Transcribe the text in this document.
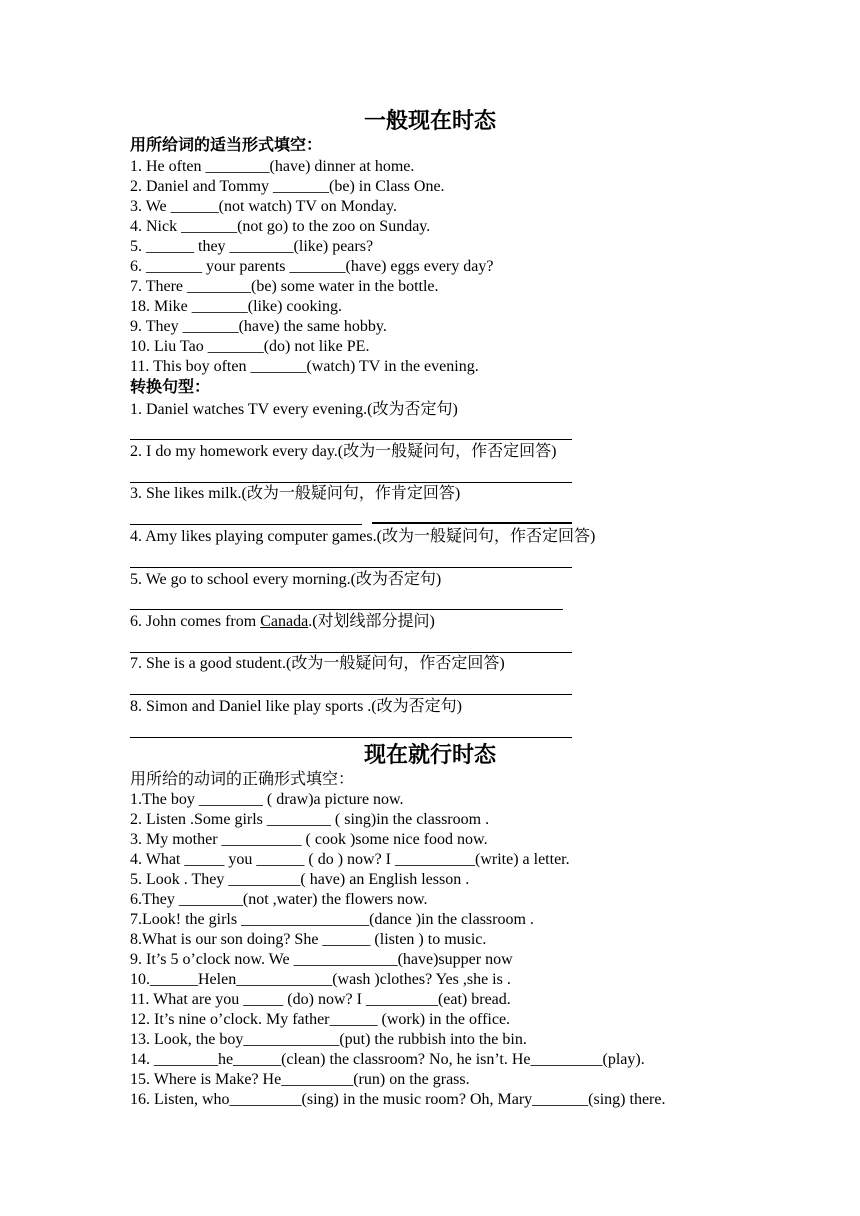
一般现在时态
用所给词的适当形式填空：
1. He often ________(have) dinner at home.
2. Daniel and Tommy _______(be) in Class One.
3. We ______(not watch) TV on Monday.
4. Nick _______(not go) to the zoo on Sunday.
5. ______ they ________(like) pears?
6. _______ your parents _______(have) eggs every day?
7. There ________(be) some water in the bottle.
18. Mike _______(like) cooking.
9. They _______(have) the same hobby.
10. Liu Tao _______(do) not like PE.
11. This boy often _______(watch) TV in the evening.
转换句型：
1. Daniel watches TV every evening.(改为否定句)
2. I do my homework every day.(改为一般疑问句，作否定回答)
3. She likes milk.(改为一般疑问句，作肯定回答)
4. Amy likes playing computer games.(改为一般疑问句，作否定回答)
5. We go to school every morning.(改为否定句)
6. John comes from Canada.(对划线部分提问)
7. She is a good student.(改为一般疑问句，作否定回答)
8. Simon and Daniel like play sports .(改为否定句)
现在就行时态
用所给的动词的正确形式填空：
1.The boy ________ ( draw)a picture now.
2. Listen .Some girls ________ ( sing)in the classroom .
3. My mother __________ ( cook )some nice food now.
4. What _____ you ______ ( do ) now? I __________(write) a letter.
5. Look . They _________( have) an English lesson .
6.They ________(not ,water) the flowers now.
7.Look! the girls ________________(dance )in the classroom .
8.What is our son doing? She ______ (listen ) to music.
9. It’s 5 o’clock now. We _____________(have)supper now
10.______Helen____________(wash )clothes? Yes ,she is .
11. What are you _____ (do) now? I _________(eat) bread.
12. It’s nine o’clock. My father______ (work) in the office.
13. Look, the boy____________(put) the rubbish into the bin.
14. ________he______(clean) the classroom? No, he isn’t. He_________(play).
15. Where is Make? He_________(run) on the grass.
16. Listen, who_________(sing) in the music room? Oh, Mary_______(sing) there.
